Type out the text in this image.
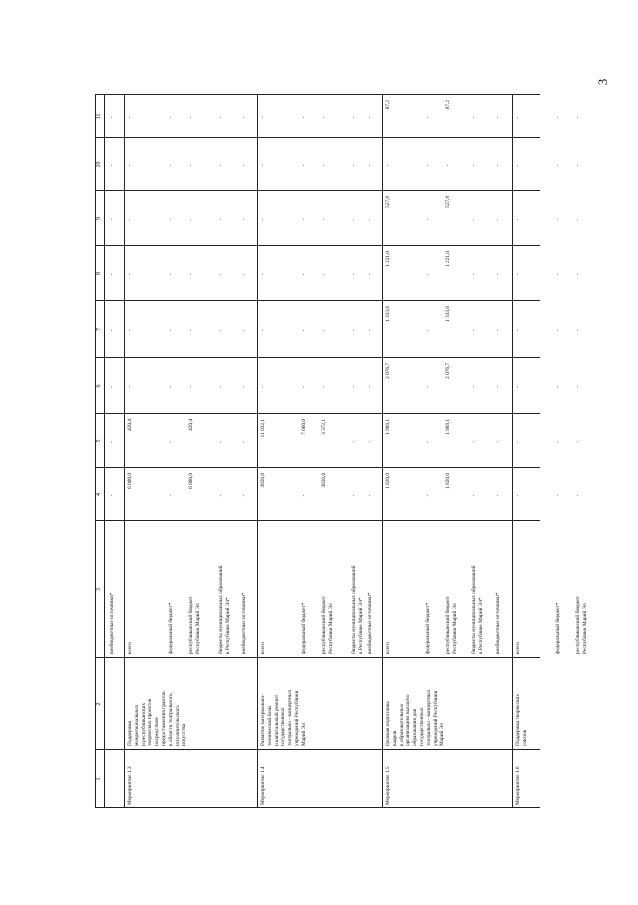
3
1
2
3
4
5
6
7
8
9
10
11
внебюджетные источники*
-
-
-
-
-
-
-
-
Мероприятие 1.3
Поддержка межрегиональных и республиканских творческих проектов посредством предоставления грантов в области театрального, исполнительского искусства
всего
6 000,0
420,4
-
-
-
-
-
-
федеральный бюджет*
-
-
-
-
-
-
-
-
республиканский бюджет Республики Марий Эл
6 000,0
420,4
-
-
-
-
-
-
бюджеты муниципальных образований в Республике Марий Эл*
-
-
-
-
-
-
-
-
внебюджетные источники*
-
-
-
-
-
-
-
-
Мероприятие 1.4
Развитие материально- технической базы и капитальный ремонт государственных театрально - концертных учреждений Республики Марий Эл
всего
3826,0
11 032,1
-
-
-
-
-
-
федеральный бюджет*
-
7 660,0
-
-
-
-
-
-
республиканский бюджет Республики Марий Эл
3826,0
3 372,1
-
-
-
-
-
-
бюджеты муниципальных образований в Республике Марий Эл*
-
-
-
-
-
-
-
-
внебюджетные источники*
-
-
-
-
-
-
-
-
Мероприятие 1.5
Целевая подготовка кадров в образовательных организациях высшего образования для государственных театрально - концертных учреждений Республики Марий Эл
всего
1 820,0
1 969,1
2 076,7
1 333,6
1 221,0
527,8
-
87,2
федеральный бюджет*
-
-
-
-
-
-
-
-
республиканский бюджет Республики Марий Эл
1 820,0
1 969,1
2 076,7
1 333,6
1 221,0
527,8
-
87,2
бюджеты муниципальных образований в Республике Марий Эл*
-
-
-
-
-
-
-
-
внебюджетные источники*
-
-
-
-
-
-
-
-
Мероприятие 1.6
Поддержка творческих союзов
всего
-
-
-
-
-
-
-
-
федеральный бюджет*
-
-
-
-
-
-
-
-
республиканский бюджет Республики Марий Эл
-
-
-
-
-
-
-
-
